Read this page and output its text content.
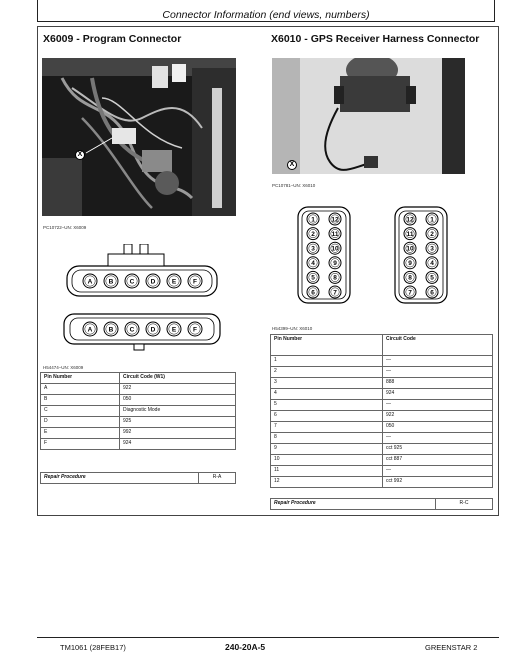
Connector Information (end views, numbers)
X6009 - Program Connector
X
PC10722–UN: X6009
A	B	C	D	E	F
A	B	C	D	E	F
H54474–UN: X6009
Pin Number	Circuit Code (W1)
A	922
B	050
C	Diagnostic Mode
D	925
E	992
F	924
Repair Procedure	R-A
X6010 - GPS Receiver Harness Connector
X
PC10781–UN: X6010
1	12
2	11
3	10
4	9
5	8
6	7
12	1
11	2
10	3
9	4
8	5
7	6
H54399–UN: X6010
Pin Number	Circuit Code
1	—
2	—
3	888
4	924
5	—
6	922
7	050
8	—
9	cct 925
10	cct 887
11	—
12	cct 992
Repair Procedure	R-C
TM1061 (28FEB17)	240-20A-5	GREENSTAR 2
